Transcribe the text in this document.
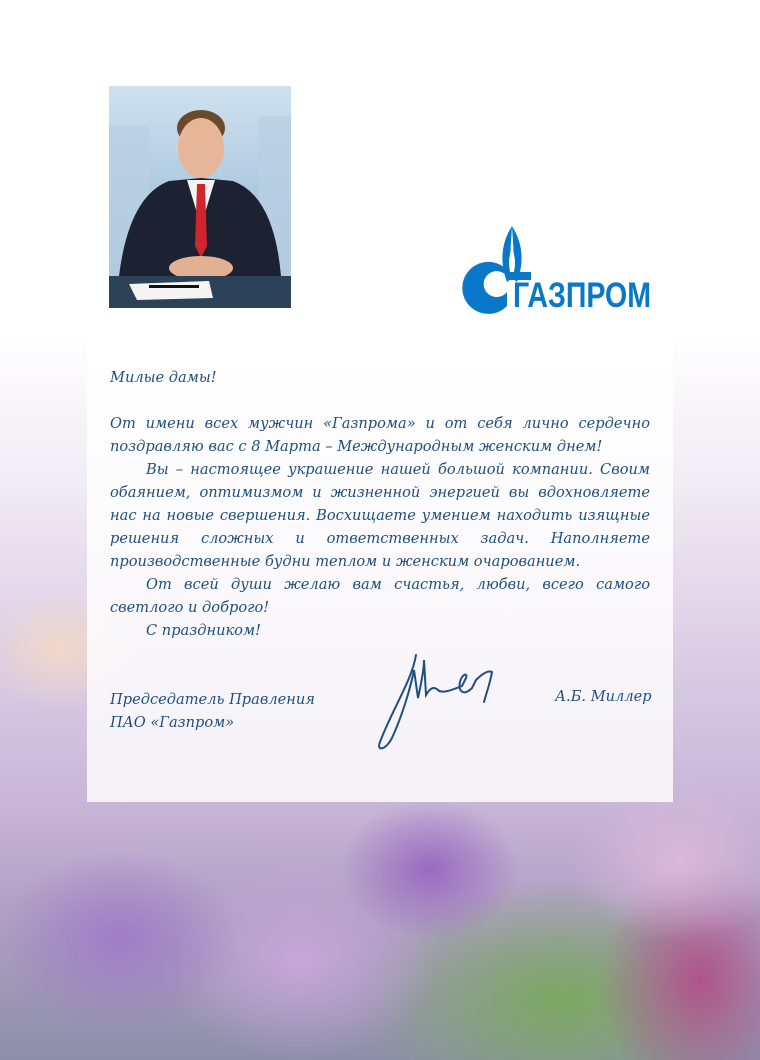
ГАЗПРОМ

Милые дамы!

От имени всех мужчин «Газпрома» и от себя лично сердечно поздравляю вас с 8 Марта – Международным женским днем!

Вы – настоящее украшение нашей большой компании. Своим обаянием, оптимизмом и жизненной энергией вы вдохновляете нас на новые свершения. Восхищаете умением находить изящные решения сложных и ответственных задач. Наполняете производственные будни теплом и женским очарованием.

От всей души желаю вам счастья, любви, всего самого светлого и доброго!

С праздником!

Председатель Правления
ПАО «Газпром»
А.Б. Миллер
